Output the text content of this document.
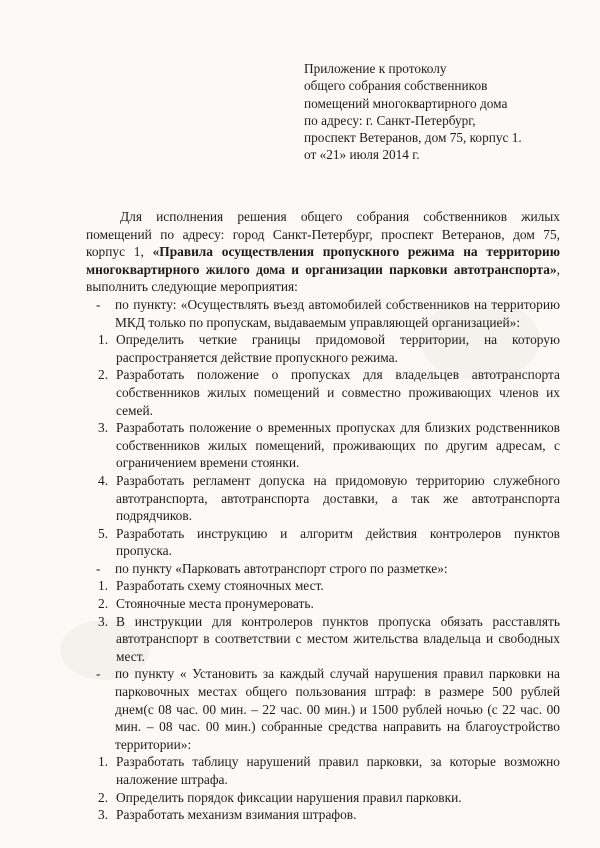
Приложение к протоколу
общего собрания собственников
помещений многоквартирного дома
по адресу: г. Санкт-Петербург,
проспект Ветеранов, дом 75, корпус 1.
от «21» июля 2014 г.

Для исполнения решения общего собрания собственников жилых помещений по адресу: город Санкт-Петербург, проспект Ветеранов, дом 75, корпус 1, «Правила осуществления пропускного режима на территорию многоквартирного жилого дома и организации парковки автотранспорта», выполнить следующие мероприятия:

- по пункту: «Осуществлять въезд автомобилей собственников на территорию МКД только по пропускам, выдаваемым управляющей организацией»:
1. Определить четкие границы придомовой территории, на которую распространяется действие пропускного режима.
2. Разработать положение о пропусках для владельцев автотранспорта собственников жилых помещений и совместно проживающих членов их семей.
3. Разработать положение о временных пропусках для близких родственников собственников жилых помещений, проживающих по другим адресам, с ограничением времени стоянки.
4. Разработать регламент допуска на придомовую территорию служебного автотранспорта, автотранспорта доставки, а так же автотранспорта подрядчиков.
5. Разработать инструкцию и алгоритм действия контролеров пунктов пропуска.
- по пункту «Парковать автотранспорт строго по разметке»:
1. Разработать схему стояночных мест.
2. Стояночные места пронумеровать.
3. В инструкции для контролеров пунктов пропуска обязать расставлять автотранспорт в соответствии с местом жительства владельца и свободных мест.
- по пункту « Установить за каждый случай нарушения правил парковки на парковочных местах общего пользования штраф: в размере 500 рублей днем(с 08 час. 00 мин. – 22 час. 00 мин.) и 1500 рублей ночью (с 22 час. 00 мин. – 08 час. 00 мин.) собранные средства направить на благоустройство территории»:
1. Разработать таблицу нарушений правил парковки, за которые возможно наложение штрафа.
2. Определить порядок фиксации нарушения правил парковки.
3. Разработать механизм взимания штрафов.
